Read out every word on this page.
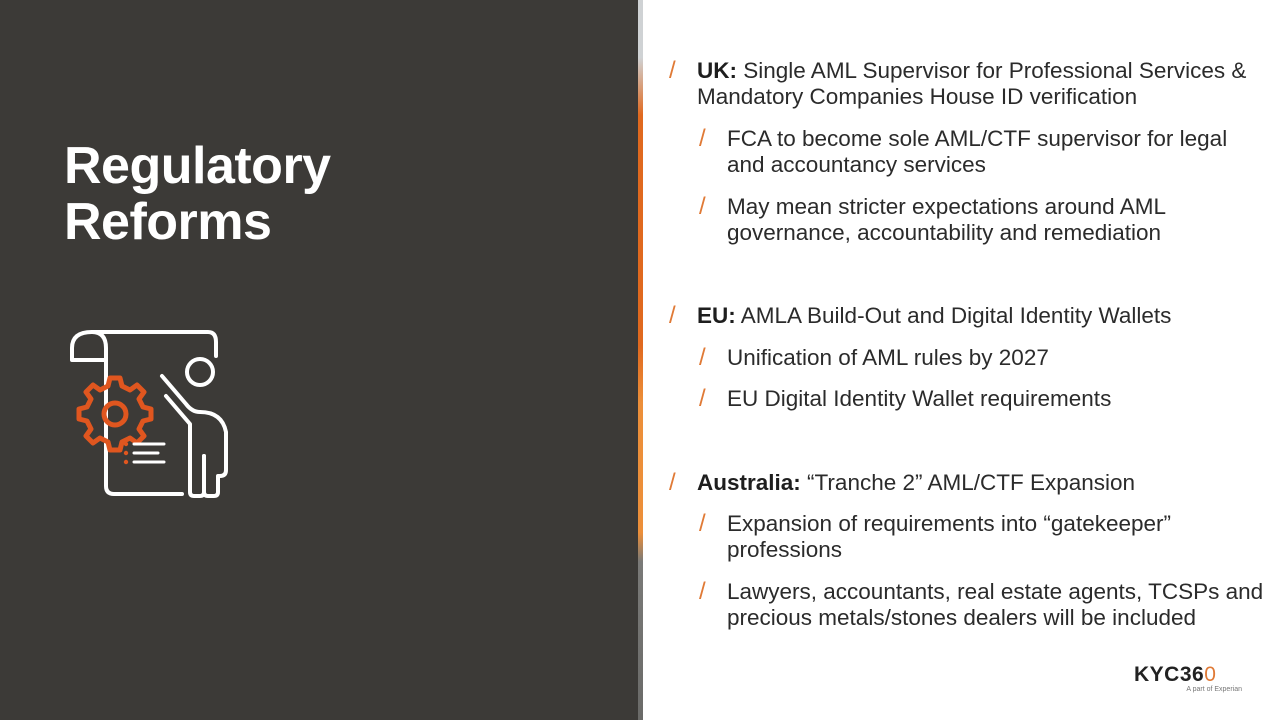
Regulatory
Reforms
/ UK: Single AML Supervisor for Professional Services & Mandatory Companies House ID verification
/ FCA to become sole AML/CTF supervisor for legal and accountancy services
/ May mean stricter expectations around AML governance, accountability and remediation
/ EU: AMLA Build-Out and Digital Identity Wallets
/ Unification of AML rules by 2027
/ EU Digital Identity Wallet requirements
/ Australia: “Tranche 2” AML/CTF Expansion
/ Expansion of requirements into “gatekeeper” professions
/ Lawyers, accountants, real estate agents, TCSPs and precious metals/stones dealers will be included
KYC360
A part of Experian
